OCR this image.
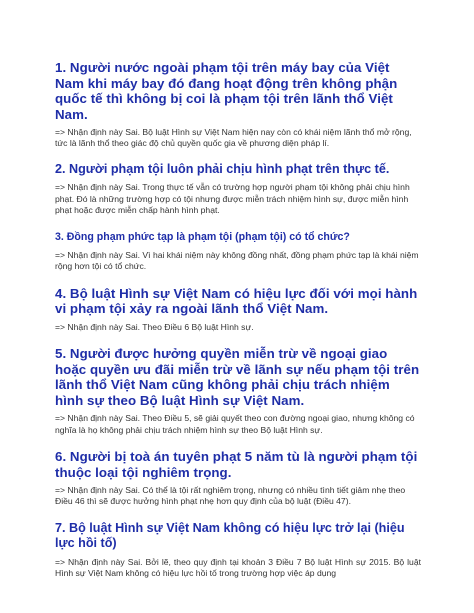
1. Người nước ngoài phạm tội trên máy bay của Việt Nam khi máy bay đó đang hoạt động trên không phận quốc tế thì không bị coi là phạm tội trên lãnh thổ Việt Nam.

=> Nhận định này Sai. Bộ luật Hình sự Việt Nam hiện nay còn có khái niệm lãnh thổ mở rộng, tức là lãnh thổ theo giác độ chủ quyền quốc gia về phương diện pháp lí.

2. Người phạm tội luôn phải chịu hình phạt trên thực tế.

=> Nhận định này Sai. Trong thực tế vẫn có trường hợp người phạm tội không phải chịu hình phạt. Đó là những trường hợp có tội nhưng được miễn trách nhiệm hình sự, được miễn hình phạt hoặc được miễn chấp hành hình phạt.

3. Đồng phạm phức tạp là phạm tội (phạm tội) có tổ chức?

=> Nhận định này Sai. Vì hai khái niệm này không đồng nhất, đồng phạm phức tạp là khái niệm rộng hơn tội có tổ chức.

4. Bộ luật Hình sự Việt Nam có hiệu lực đối với mọi hành vi phạm tội xảy ra ngoài lãnh thổ Việt Nam.

=> Nhận định này Sai. Theo Điều 6 Bộ luật Hình sự.

5. Người được hưởng quyền miễn trừ về ngoại giao hoặc quyền ưu đãi miễn trừ về lãnh sự nếu phạm tội trên lãnh thổ Việt Nam cũng không phải chịu trách nhiệm hình sự theo Bộ luật Hình sự Việt Nam.

=> Nhận định này Sai. Theo Điều 5, sẽ giải quyết theo con đường ngoại giao, nhưng không có nghĩa là họ không phải chịu trách nhiệm hình sự theo Bộ luật Hình sự.

6. Người bị toà án tuyên phạt 5 năm tù là người phạm tội thuộc loại tội nghiêm trọng.

=> Nhận định này Sai. Có thể là tội rất nghiêm trọng, nhưng có nhiều tình tiết giảm nhẹ theo Điều 46 thì sẽ được hưởng hình phạt nhẹ hơn quy định của bộ luật (Điều 47).

7. Bộ luật Hình sự Việt Nam không có hiệu lực trở lại (hiệu lực hồi tố)

=> Nhận định này Sai. Bởi lẽ, theo quy định tại khoản 3 Điều 7 Bộ luật Hình sự 2015. Bộ luật Hình sự Việt Nam không có hiệu lực hồi tố trong trường hợp việc áp dụng
